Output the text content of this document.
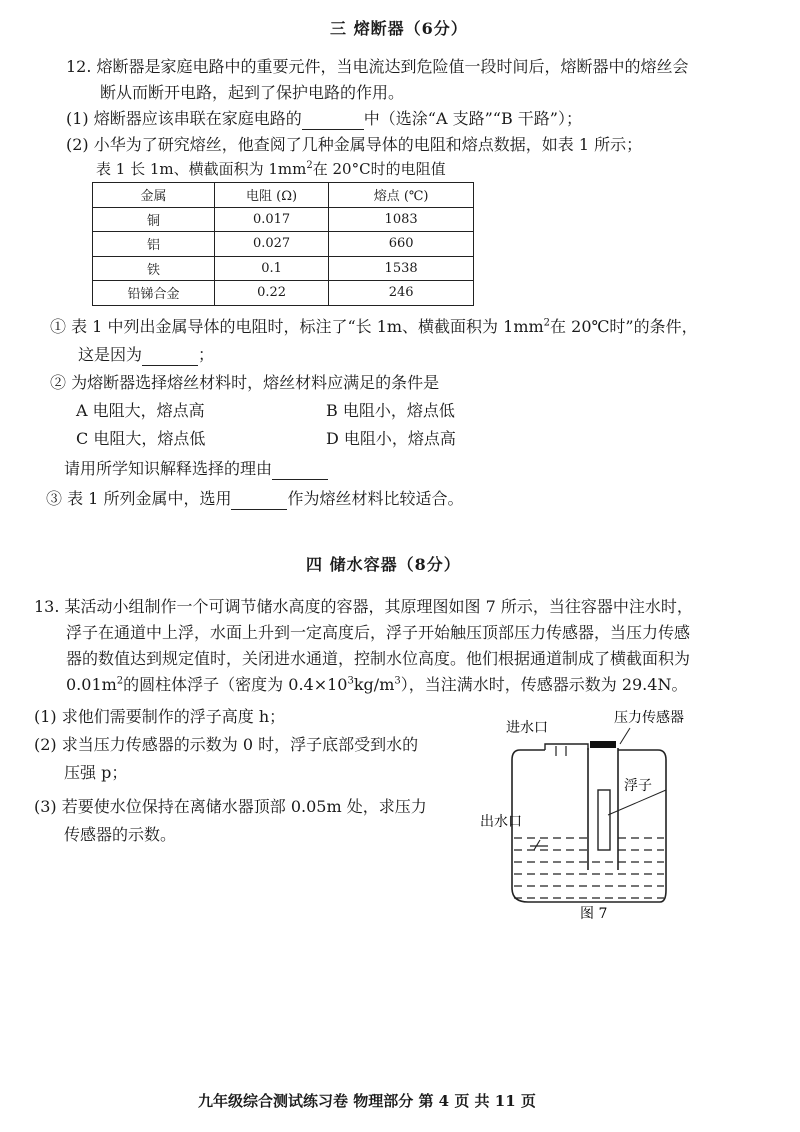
三 熔断器（6分）
12. 熔断器是家庭电路中的重要元件，当电流达到危险值一段时间后，熔断器中的熔丝会
断从而断开电路，起到了保护电路的作用。
(1) 熔断器应该串联在家庭电路的	中（选涂“A 支路”“B 干路”）；
(2) 小华为了研究熔丝，他查阅了几种金属导体的电阻和熔点数据，如表 1 所示；
表 1 长 1m、横截面积为 $1mm^2$在 20°C时的电阻值
金属	电阻 (Ω)	熔点 (℃)
铜	0.017	1083
铝	0.027	660
铁	0.1	1538
铅锑合金	0.22	246
① 表 1 中列出金属导体的电阻时，标注了“长 1m、横截面积为 $1mm^2$在 20℃时”的条件，
这是因为	；
② 为熔断器选择熔丝材料时，熔丝材料应满足的条件是
A 电阻大，熔点高	B 电阻小，熔点低
C 电阻大，熔点低	D 电阻小，熔点高
请用所学知识解释选择的理由
③ 表 1 所列金属中，选用	作为熔丝材料比较适合。
四 储水容器（8分）
13. 某活动小组制作一个可调节储水高度的容器，其原理图如图 7 所示，当往容器中注水时，
浮子在通道中上浮，水面上升到一定高度后，浮子开始触压顶部压力传感器，当压力传感
器的数值达到规定值时，关闭进水通道，控制水位高度。他们根据通道制成了横截面积为
$0.01m^2$的圆柱体浮子（密度为 $0.4\times 10^3kg/m^3$），当注满水时，传感器示数为 29.4N。
(1) 求他们需要制作的浮子高度 h；
(2) 求当压力传感器的示数为 0 时，浮子底部受到水的
压强 p；
(3) 若要使水位保持在离储水器顶部 0.05m 处，求压力
传感器的示数。
进水口
压力传感器
浮子
出水口
图 7
九年级综合测试练习卷 物理部分 第 4 页 共 11 页
